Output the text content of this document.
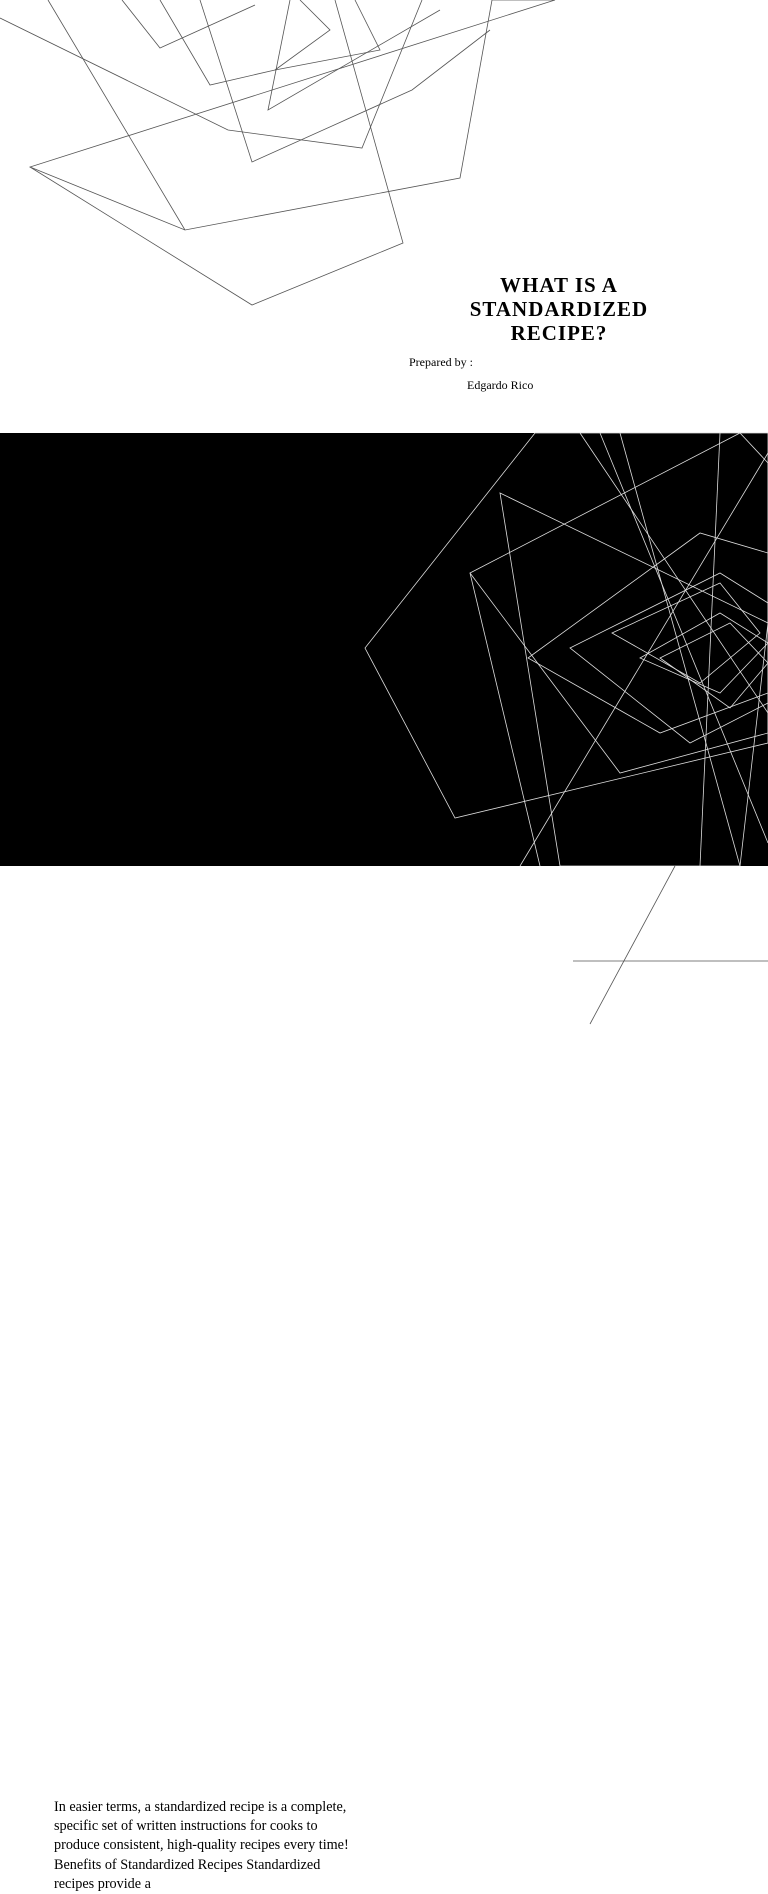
WHAT IS A STANDARDIZED RECIPE?
Prepared by :
Edgardo Rico

“has been tried, adapted, and retried several times for use by a given food service operation and has been found to produce the same good results and yield every time when the exact procedures are used with same type of equipment and the same quantity and quality of ingredients.”

In easier terms, a standardized recipe is a complete, specific set of written instructions for cooks to produce consistent, high-quality recipes every time! Benefits of Standardized Recipes Standardized recipes provide a
